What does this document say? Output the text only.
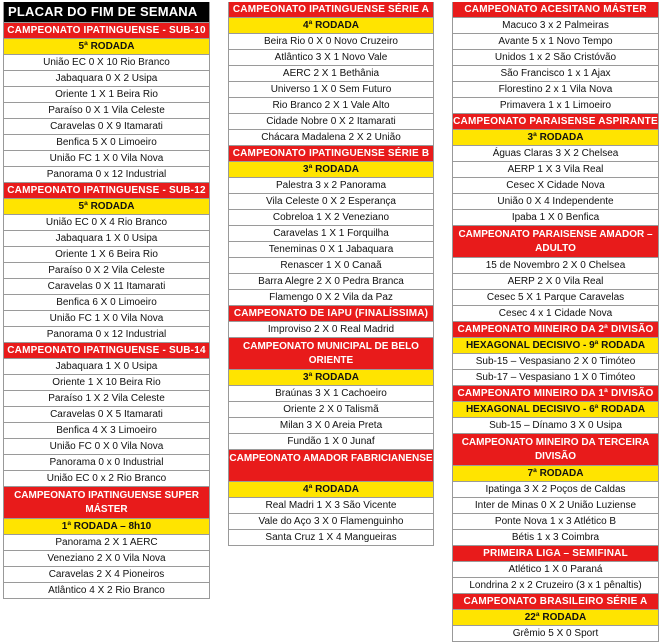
PLACAR DO FIM DE SEMANA
CAMPEONATO IPATINGUENSE - SUB-10
5ª RODADA
União EC 0 X 10 Rio Branco
Jabaquara 0 X 2 Usipa
Oriente 1 X 1 Beira Rio
Paraíso 0 X 1 Vila Celeste
Caravelas 0 X 9 Itamarati
Benfica 5 X 0 Limoeiro
União FC 1 X 0 Vila Nova
Panorama 0 x 12 Industrial
CAMPEONATO IPATINGUENSE - SUB-12
5ª RODADA
União EC 0 X 4 Rio Branco
Jabaquara 1 X 0 Usipa
Oriente 1 X 6 Beira Rio
Paraíso 0 X 2 Vila Celeste
Caravelas 0 X 11 Itamarati
Benfica 6 X 0 Limoeiro
União FC 1 X 0 Vila Nova
Panorama 0 x 12 Industrial
CAMPEONATO IPATINGUENSE - SUB-14
Jabaquara 1 X 0 Usipa
Oriente 1 X 10 Beira Rio
Paraíso 1 X 2 Vila Celeste
Caravelas 0 X 5 Itamarati
Benfica 4 X 3 Limoeiro
União FC 0 X 0 Vila Nova
Panorama 0 x 0 Industrial
União EC 0 x 2 Rio Branco
CAMPEONATO IPATINGUENSE SUPER MÁSTER
1ª RODADA – 8h10
Panorama 2 X 1 AERC
Veneziano 2 X 0 Vila Nova
Caravelas 2 X 4 Pioneiros
Atlântico 4 X 2 Rio Branco
CAMPEONATO IPATINGUENSE SÉRIE A
4ª RODADA
Beira Rio 0 X 0 Novo Cruzeiro
Atlântico 3 X 1 Novo Vale
AERC 2 X 1 Bethânia
Universo 1 X 0 Sem Futuro
Rio Branco 2 X 1 Vale Alto
Cidade Nobre 0 X 2 Itamarati
Chácara Madalena 2 X 2 União
CAMPEONATO IPATINGUENSE SÉRIE B
3ª RODADA
Palestra 3 x 2 Panorama
Vila Celeste 0 X 2 Esperança
Cobreloa 1 X 2 Veneziano
Caravelas 1 X 1 Forquilha
Teneminas 0 X 1 Jabaquara
Renascer 1 X 0 Canaã
Barra Alegre 2 X 0 Pedra Branca
Flamengo 0 X 2 Vila da Paz
CAMPEONATO DE IAPU (FINALÍSSIMA)
Improviso 2 X 0 Real Madrid
CAMPEONATO MUNICIPAL DE BELO ORIENTE
3ª RODADA
Braúnas 3 X 1 Cachoeiro
Oriente 2 X 0 Talismã
Milan 3 X 0 Areia Preta
Fundão 1 X 0 Junaf
CAMPEONATO AMADOR FABRICIANENSE
4ª RODADA
Real Madri 1 X 3 São Vicente
Vale do Aço 3 X 0 Flamenguinho
Santa Cruz 1 X 4 Mangueiras
CAMPEONATO ACESITANO MÁSTER
Macuco 3 x 2 Palmeiras
Avante 5 x 1 Novo Tempo
Unidos 1 x 2 São Cristóvão
São Francisco 1 x 1 Ajax
Florestino 2 x 1 Vila Nova
Primavera 1 x 1 Limoeiro
CAMPEONATO PARAISENSE ASPIRANTE
3ª RODADA
Águas Claras 3 X 2 Chelsea
AERP 1 X 3 Vila Real
Cesec X Cidade Nova
União 0 X 4 Independente
Ipaba 1 X 0 Benfica
CAMPEONATO PARAISENSE AMADOR – ADULTO
15 de Novembro 2 X 0 Chelsea
AERP 2 X 0 Vila Real
Cesec 5 X 1 Parque Caravelas
Cesec 4 x 1 Cidade Nova
CAMPEONATO MINEIRO DA 2ª DIVISÃO
HEXAGONAL DECISIVO - 9ª RODADA
Sub-15 – Vespasiano 2 X 0 Timóteo
Sub-17 – Vespasiano 1 X 0 Timóteo
CAMPEONATO MINEIRO DA 1ª DIVISÃO
HEXAGONAL DECISIVO - 6ª RODADA
Sub-15 – Dínamo 3 X 0 Usipa
CAMPEONATO MINEIRO DA TERCEIRA DIVISÃO
7ª RODADA
Ipatinga 3 X 2 Poços de Caldas
Inter de Minas 0 X 2 União Luziense
Ponte Nova 1 x 3 Atlético B
Bétis 1 x 3 Coimbra
PRIMEIRA LIGA – SEMIFINAL
Atlético 1 X 0 Paraná
Londrina 2 x 2 Cruzeiro (3 x 1 pênaltis)
CAMPEONATO BRASILEIRO SÉRIE A
22ª RODADA
Grêmio 5 X 0 Sport
